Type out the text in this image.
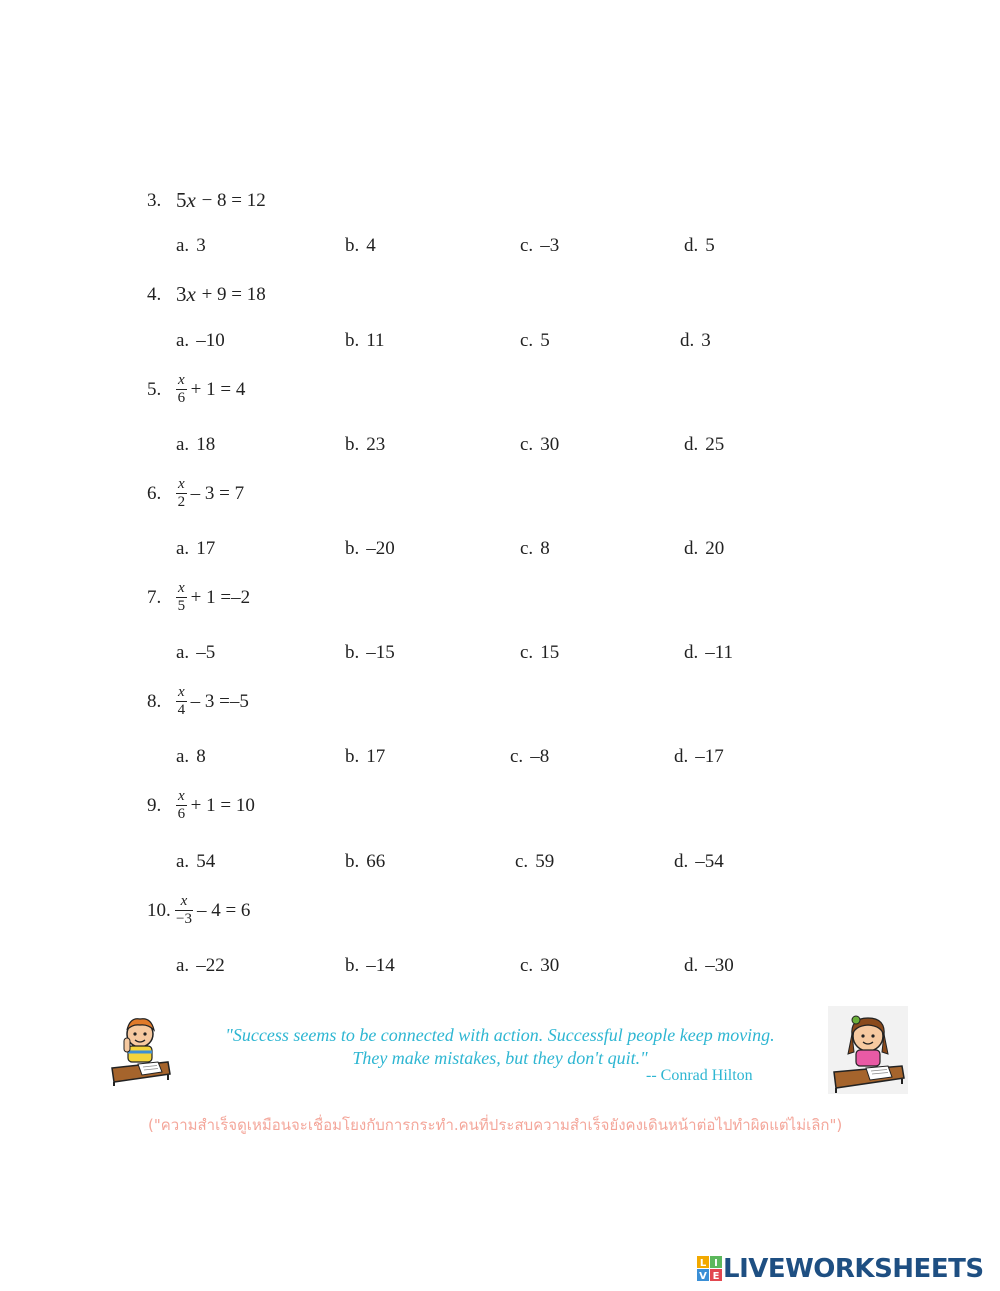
3. 5 x
− 8 = 12
a. 3	b. 4	c. –3	d. 5
4. 3 x
+ 9 = 18
a. –10	b. 11	c. 5	d. 3
5. $\frac{x}{6} + 1 = 4$
a. 18	b. 23	c. 30	d. 25
6. $\frac{x}{2} - 3 = 7$
a. 17	b. –20	c. 8	d. 20
7. $\frac{x}{5} + 1 =-2$
a. –5	b. –15	c. 15	d. –11
8. $\frac{x}{4} - 3 =-5$
a. 8	b. 17	c. –8	d. –17
9. $\frac{x}{6} + 1 = 10$
a. 54	b. 66	c. 59	d. –54
10. $\frac{x}{-3} - 4 = 6$
a. –22	b. –14	c. 30	d. –30
"Success seems to be connected with action. Successful people keep moving.
They make mistakes, but they don't quit."
-- Conrad Hilton
("ความสำเร็จดูเหมือนจะเชื่อมโยงกับการกระทำ.คนที่ประสบความสำเร็จยังคงเดินหน้าต่อไปทำผิดแต่ไม่เลิก")
L I
V E LIVEWORKSHEETS
